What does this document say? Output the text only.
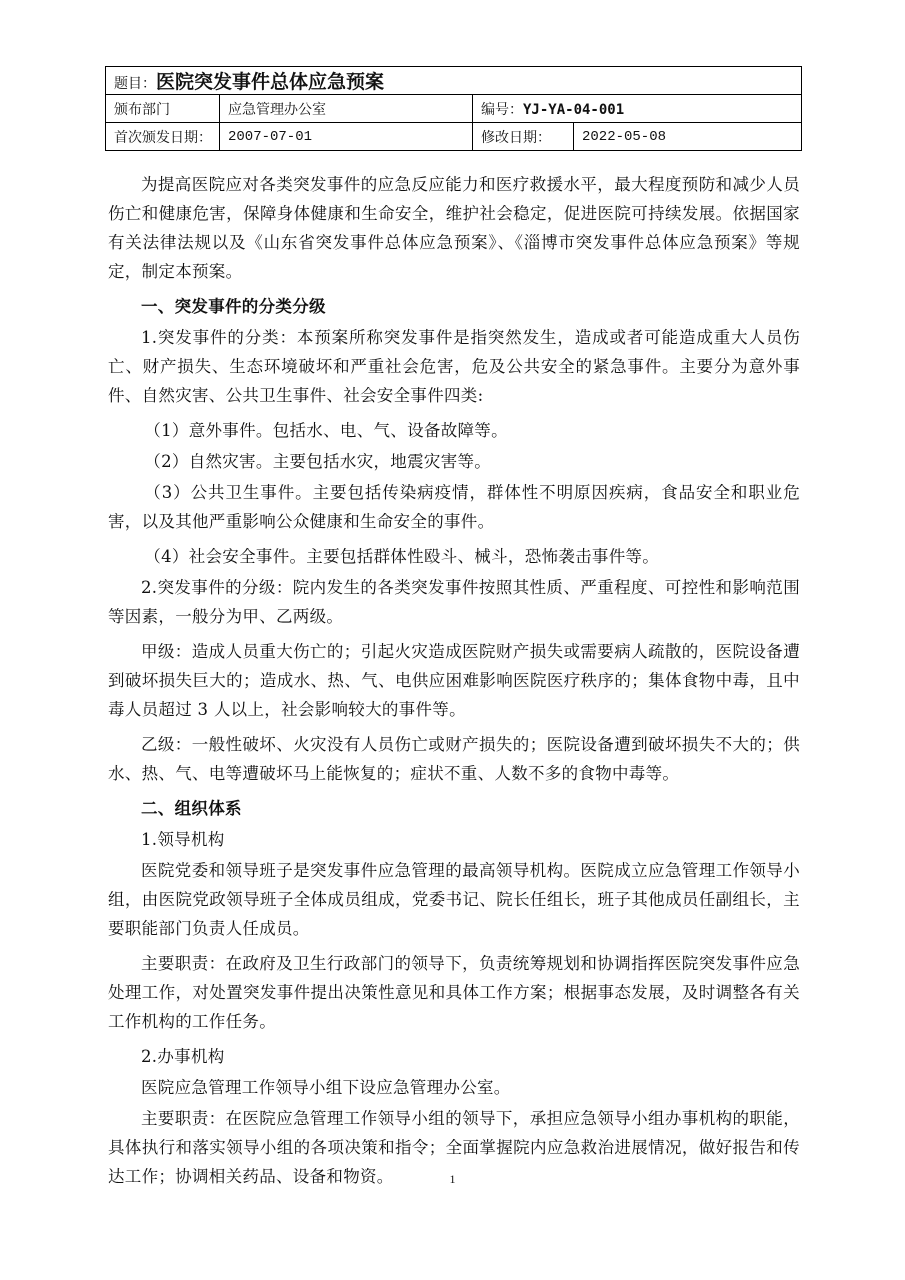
题目：医院突发事件总体应急预案			
颁布部门	应急管理办公室	编号：YJ-YA-04-001	
首次颁发日期：	2007-07-01	修改日期：	2022-05-08

为提高医院应对各类突发事件的应急反应能力和医疗救援水平，最大程度预防和减少人员伤亡和健康危害，保障身体健康和生命安全，维护社会稳定，促进医院可持续发展。依据国家有关法律法规以及《山东省突发事件总体应急预案》、《淄博市突发事件总体应急预案》等规定，制定本预案。

一、突发事件的分类分级

1.突发事件的分类：本预案所称突发事件是指突然发生，造成或者可能造成重大人员伤亡、财产损失、生态环境破坏和严重社会危害，危及公共安全的紧急事件。主要分为意外事件、自然灾害、公共卫生事件、社会安全事件四类:

（1）意外事件。包括水、电、气、设备故障等。

（2）自然灾害。主要包括水灾，地震灾害等。

（3）公共卫生事件。主要包括传染病疫情，群体性不明原因疾病，食品安全和职业危害，以及其他严重影响公众健康和生命安全的事件。

（4）社会安全事件。主要包括群体性殴斗、械斗，恐怖袭击事件等。

2.突发事件的分级：院内发生的各类突发事件按照其性质、严重程度、可控性和影响范围等因素，一般分为甲、乙两级。

甲级：造成人员重大伤亡的；引起火灾造成医院财产损失或需要病人疏散的，医院设备遭到破坏损失巨大的；造成水、热、气、电供应困难影响医院医疗秩序的；集体食物中毒，且中毒人员超过 3 人以上，社会影响较大的事件等。

乙级：一般性破坏、火灾没有人员伤亡或财产损失的；医院设备遭到破坏损失不大的；供水、热、气、电等遭破坏马上能恢复的；症状不重、人数不多的食物中毒等。

二、组织体系

1.领导机构

医院党委和领导班子是突发事件应急管理的最高领导机构。医院成立应急管理工作领导小组，由医院党政领导班子全体成员组成，党委书记、院长任组长，班子其他成员任副组长，主要职能部门负责人任成员。

主要职责：在政府及卫生行政部门的领导下，负责统筹规划和协调指挥医院突发事件应急处理工作，对处置突发事件提出决策性意见和具体工作方案；根据事态发展，及时调整各有关工作机构的工作任务。

2.办事机构

医院应急管理工作领导小组下设应急管理办公室。

主要职责：在医院应急管理工作领导小组的领导下，承担应急领导小组办事机构的职能，具体执行和落实领导小组的各项决策和指令；全面掌握院内应急救治进展情况，做好报告和传达工作；协调相关药品、设备和物资。	1
